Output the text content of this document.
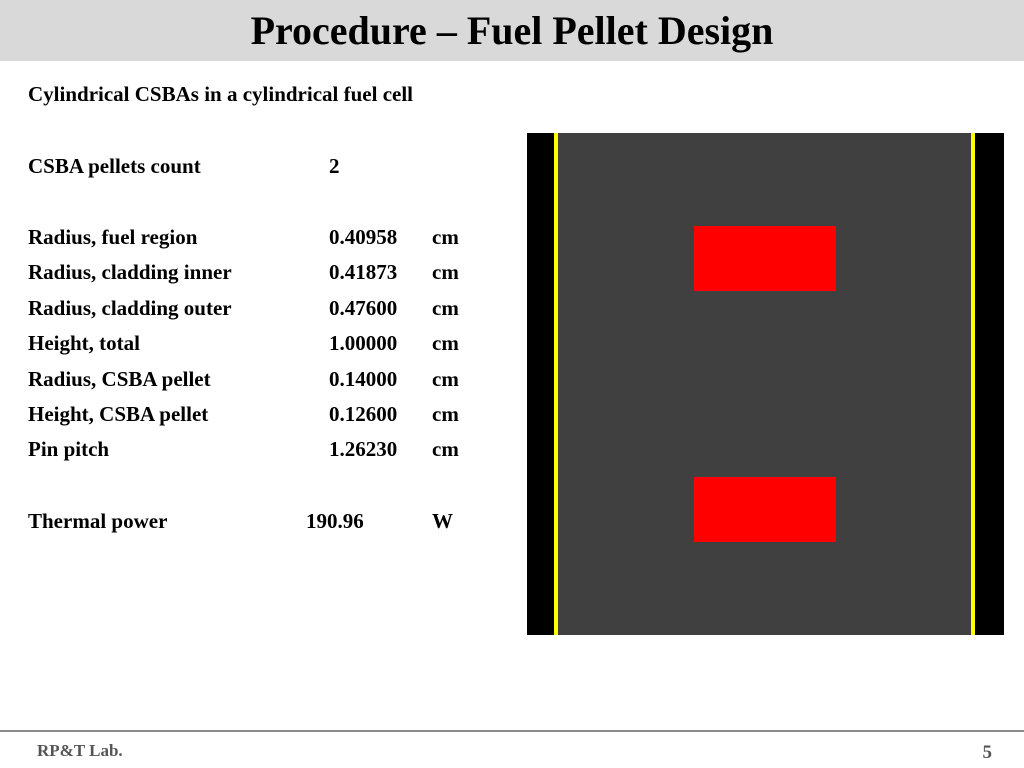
Procedure – Fuel Pellet Design
Cylindrical CSBAs in a cylindrical fuel cell
CSBA pellets count	2
Radius, fuel region	0.40958 cm
Radius, cladding inner	0.41873 cm
Radius, cladding outer	0.47600 cm
Height, total	1.00000 cm
Radius, CSBA pellet	0.14000 cm
Height, CSBA pellet	0.12600 cm
Pin pitch	1.26230 cm
Thermal power	190.96	W
RP&T Lab.	5
